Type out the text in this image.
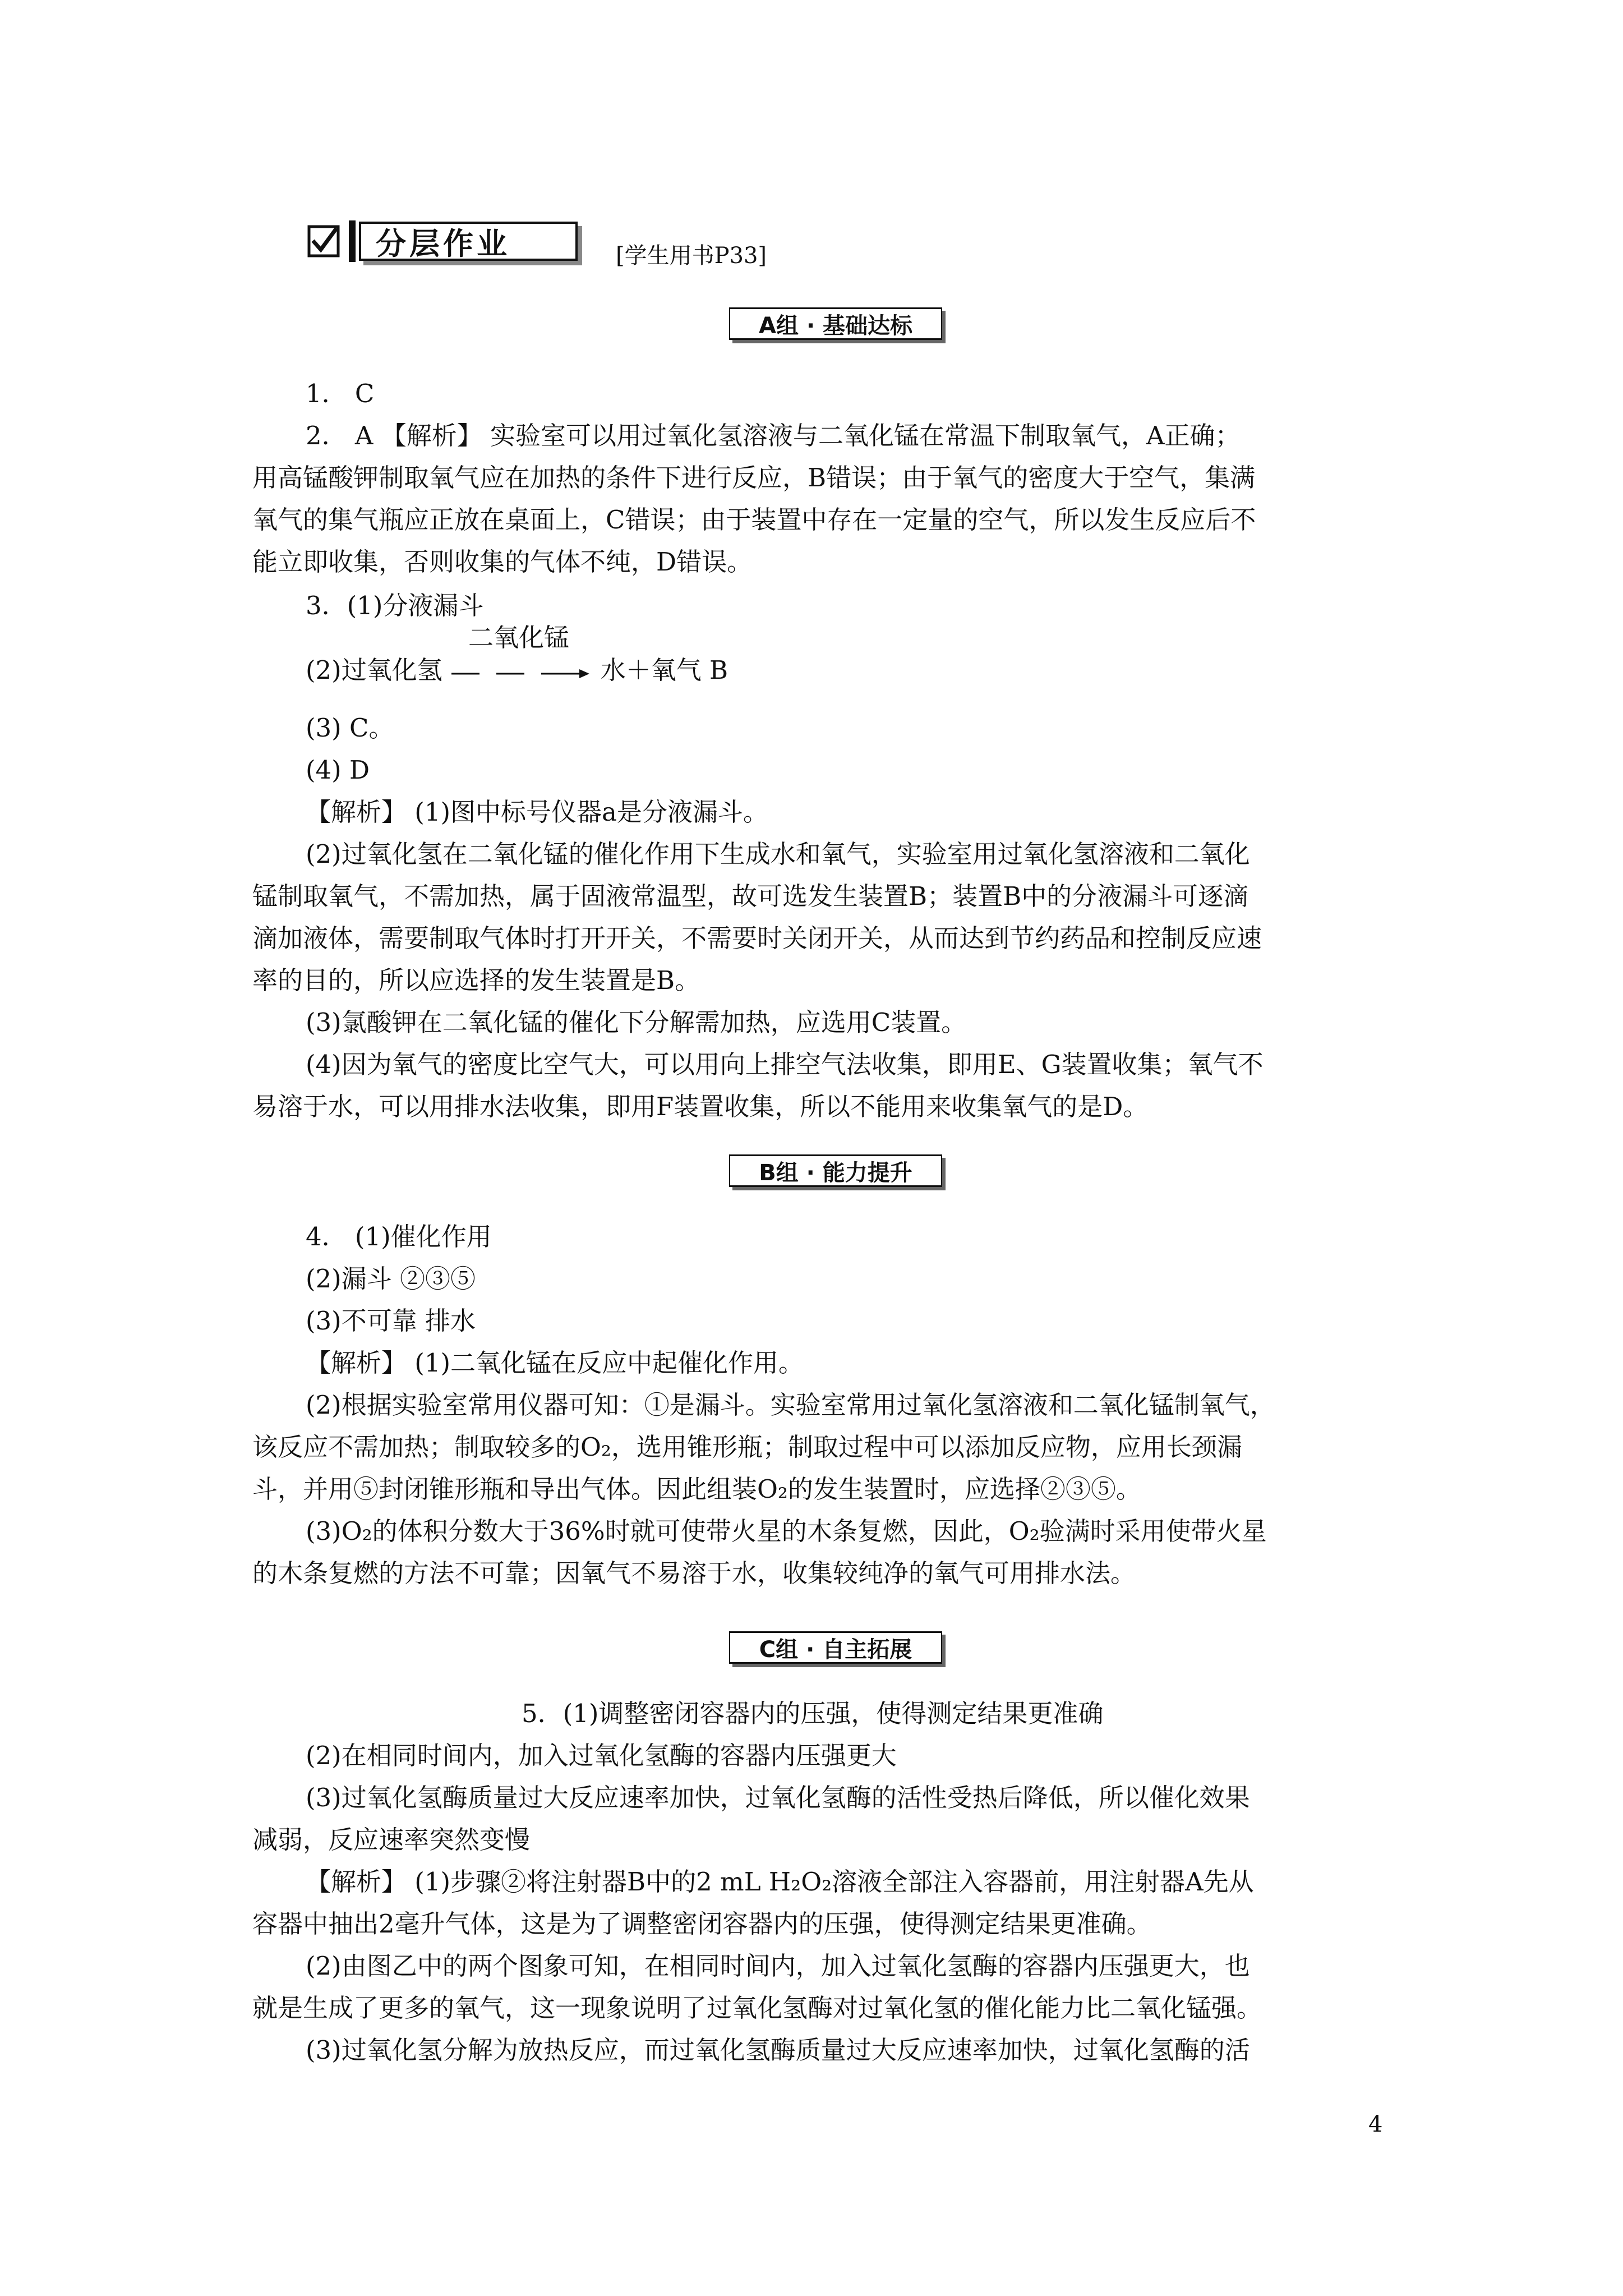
分层作业	[学生用书P33]
A组 · 基础达标
1． C
2． A 【解析】 实验室可以用过氧化氢溶液与二氧化锰在常温下制取氧气，A正确；
用高锰酸钾制取氧气应在加热的条件下进行反应，B错误；由于氧气的密度大于空气，集满
氧气的集气瓶应正放在桌面上，C错误；由于装置中存在一定量的空气，所以发生反应后不
能立即收集，否则收集的气体不纯，D错误。
3．(1)分液漏斗
二氧化锰
(2)过氧化氢	水＋氧气 B
(3) C。
(4) D
【解析】 (1)图中标号仪器a是分液漏斗。
(2)过氧化氢在二氧化锰的催化作用下生成水和氧气，实验室用过氧化氢溶液和二氧化
锰制取氧气，不需加热，属于固液常温型，故可选发生装置B；装置B中的分液漏斗可逐滴
滴加液体，需要制取气体时打开开关，不需要时关闭开关，从而达到节约药品和控制反应速
率的目的，所以应选择的发生装置是B。
(3)氯酸钾在二氧化锰的催化下分解需加热，应选用C装置。
(4)因为氧气的密度比空气大，可以用向上排空气法收集，即用E、G装置收集；氧气不
易溶于水，可以用排水法收集，即用F装置收集，所以不能用来收集氧气的是D。
B组 · 能力提升
4． (1)催化作用
(2)漏斗 ②③⑤
(3)不可靠 排水
【解析】 (1)二氧化锰在反应中起催化作用。
(2)根据实验室常用仪器可知：①是漏斗。实验室常用过氧化氢溶液和二氧化锰制氧气，
该反应不需加热；制取较多的O₂，选用锥形瓶；制取过程中可以添加反应物，应用长颈漏
斗，并用⑤封闭锥形瓶和导出气体。因此组装O₂的发生装置时，应选择②③⑤。
(3)O₂的体积分数大于36%时就可使带火星的木条复燃，因此，O₂验满时采用使带火星
的木条复燃的方法不可靠；因氧气不易溶于水，收集较纯净的氧气可用排水法。
C组 · 自主拓展
5．(1)调整密闭容器内的压强，使得测定结果更准确
(2)在相同时间内，加入过氧化氢酶的容器内压强更大
(3)过氧化氢酶质量过大反应速率加快，过氧化氢酶的活性受热后降低，所以催化效果
减弱，反应速率突然变慢
【解析】 (1)步骤②将注射器B中的2 mL H₂O₂溶液全部注入容器前，用注射器A先从
容器中抽出2毫升气体，这是为了调整密闭容器内的压强，使得测定结果更准确。
(2)由图乙中的两个图象可知，在相同时间内，加入过氧化氢酶的容器内压强更大，也
就是生成了更多的氧气，这一现象说明了过氧化氢酶对过氧化氢的催化能力比二氧化锰强。
(3)过氧化氢分解为放热反应，而过氧化氢酶质量过大反应速率加快，过氧化氢酶的活
4
